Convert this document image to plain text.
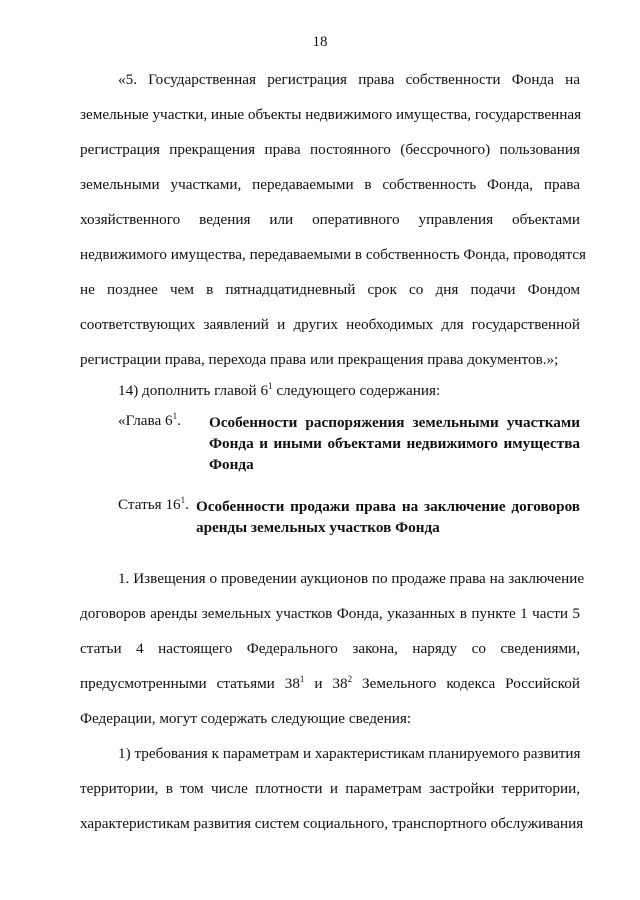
18
«5. Государственная регистрация права собственности Фонда на
земельные участки, иные объекты недвижимого имущества, государственная
регистрация прекращения права постоянного (бессрочного) пользования
земельными участками, передаваемыми в собственность Фонда, права
хозяйственного ведения или оперативного управления объектами
недвижимого имущества, передаваемыми в собственность Фонда, проводятся
не позднее чем в пятнадцатидневный срок со дня подачи Фондом
соответствующих заявлений и других необходимых для государственной
регистрации права, перехода права или прекращения права документов.»;
14) дополнить главой $6^1$ следующего содержания:
«Глава $6^1$. Особенности распоряжения земельными участками
Фонда и иными объектами недвижимого имущества
Фонда
Статья $16^1$. Особенности продажи права на заключение договоров
аренды земельных участков Фонда
1. Извещения о проведении аукционов по продаже права на заключение
договоров аренды земельных участков Фонда, указанных в пункте 1 части 5
статьи 4 настоящего Федерального закона, наряду со сведениями,
предусмотренными статьями $38^1$ и $38^2$ Земельного кодекса Российской
Федерации, могут содержать следующие сведения:
1) требования к параметрам и характеристикам планируемого развития
территории, в том числе плотности и параметрам застройки территории,
характеристикам развития систем социального, транспортного обслуживания
